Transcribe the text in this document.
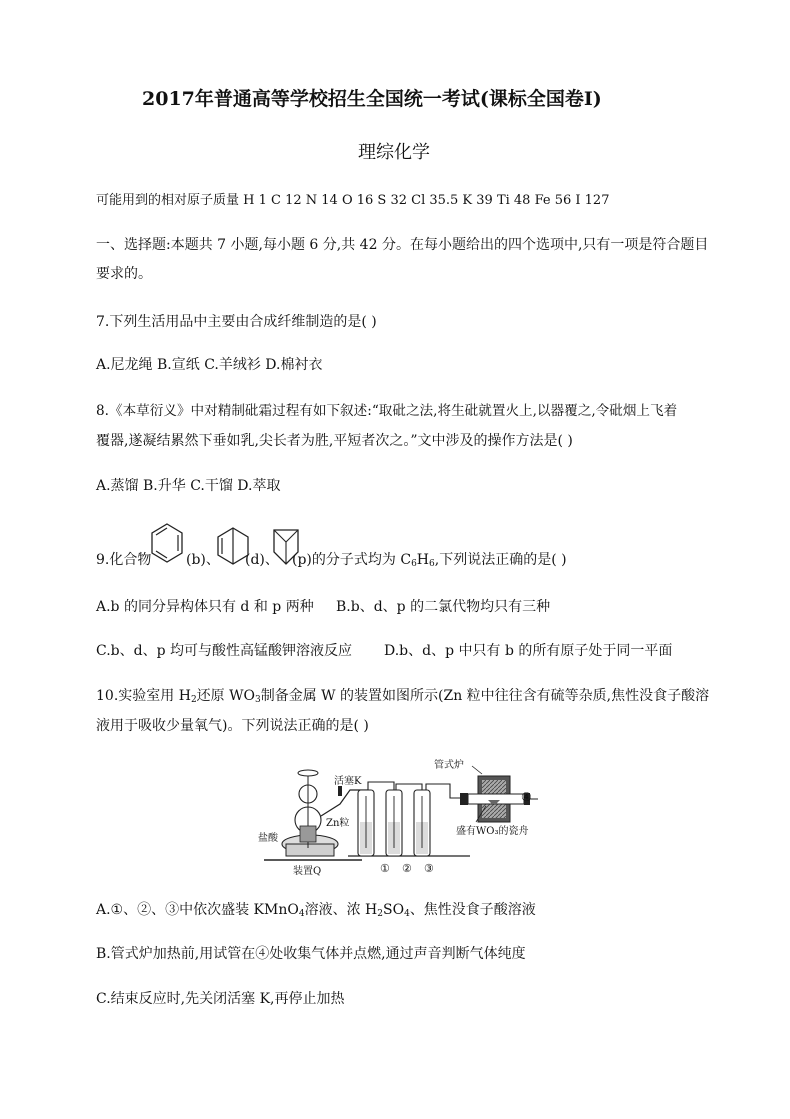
2017年普通高等学校招生全国统一考试(课标全国卷Ⅰ)
理综化学
可能用到的相对原子质量 H 1 C 12 N 14 O 16 S 32 Cl 35.5 K 39 Ti 48 Fe 56 I 127
一、选择题:本题共 7 小题,每小题 6 分,共 42 分。在每小题给出的四个选项中,只有一项是符合题目
要求的。
7.下列生活用品中主要由合成纤维制造的是( )
A.尼龙绳 B.宣纸 C.羊绒衫 D.棉衬衣
8.《本草衍义》中对精制砒霜过程有如下叙述:“取砒之法,将生砒就置火上,以器覆之,令砒烟上飞着
覆器,遂凝结累然下垂如乳,尖长者为胜,平短者次之。”文中涉及的操作方法是( )
A.蒸馏 B.升华 C.干馏 D.萃取
9.化合物 (b)、 (d)、 (p)的分子式均为 $C_6H_6$,下列说法正确的是( )
A.b 的同分异构体只有 d 和 p 两种 B.b、d、p 的二氯代物均只有三种
C.b、d、p 均可与酸性高锰酸钾溶液反应 D.b、d、p 中只有 b 的所有原子处于同一平面
10.实验室用 $H_2$还原 $WO_3$制备金属 W 的装置如图所示(Zn 粒中往往含有硫等杂质,焦性没食子酸溶
液用于吸收少量氧气)。下列说法正确的是( )
管式炉
活塞K
Zn粒
盐酸
装置Q
盛有WO₃的瓷舟
① ② ③
④
A.①、②、③中依次盛装 KMnO$_4$溶液、浓 $H_2SO_4$、焦性没食子酸溶液
B.管式炉加热前,用试管在④处收集气体并点燃,通过声音判断气体纯度
C.结束反应时,先关闭活塞 K,再停止加热
